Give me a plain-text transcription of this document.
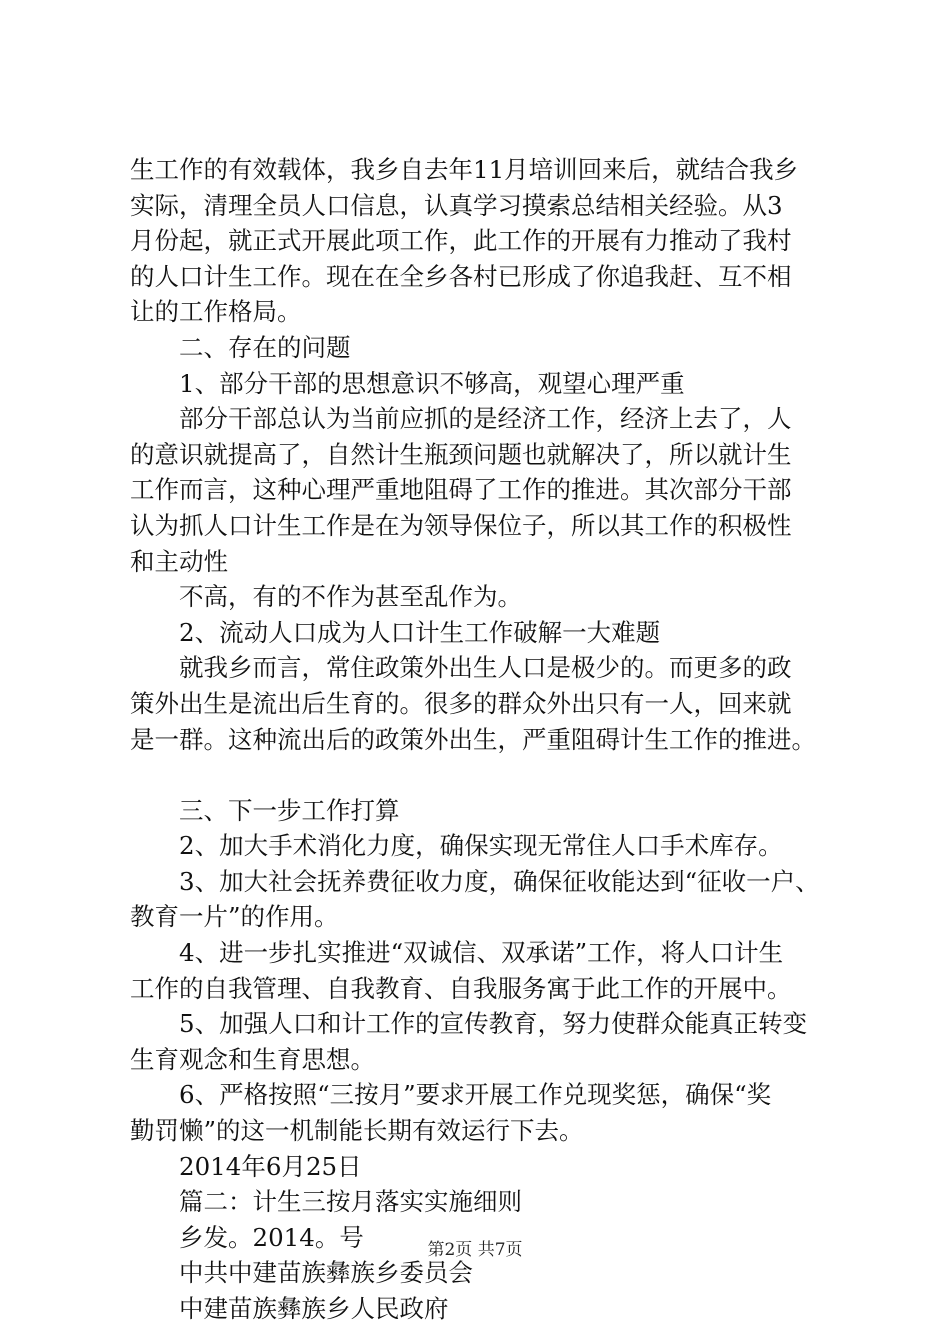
生工作的有效载体，我乡自去年11月培训回来后，就结合我乡
实际，清理全员人口信息，认真学习摸索总结相关经验。从3
月份起，就正式开展此项工作，此工作的开展有力推动了我村
的人口计生工作。现在在全乡各村已形成了你追我赶、互不相
让的工作格局。
二、存在的问题
1、部分干部的思想意识不够高，观望心理严重
部分干部总认为当前应抓的是经济工作，经济上去了，人
的意识就提高了，自然计生瓶颈问题也就解决了，所以就计生
工作而言，这种心理严重地阻碍了工作的推进。其次部分干部
认为抓人口计生工作是在为领导保位子，所以其工作的积极性
和主动性
不高，有的不作为甚至乱作为。
2、流动人口成为人口计生工作破解一大难题
就我乡而言，常住政策外出生人口是极少的。而更多的政
策外出生是流出后生育的。很多的群众外出只有一人，回来就
是一群。这种流出后的政策外出生，严重阻碍计生工作的推进。
三、下一步工作打算
2、加大手术消化力度，确保实现无常住人口手术库存。
3、加大社会抚养费征收力度，确保征收能达到“征收一户、
教育一片”的作用。
4、进一步扎实推进“双诚信、双承诺”工作，将人口计生
工作的自我管理、自我教育、自我服务寓于此工作的开展中。
5、加强人口和计工作的宣传教育，努力使群众能真正转变
生育观念和生育思想。
6、严格按照“三按月”要求开展工作兑现奖惩，确保“奖
勤罚懒”的这一机制能长期有效运行下去。
2014年6月25日
篇二：计生三按月落实实施细则
乡发。2014。号
中共中建苗族彝族乡委员会
中建苗族彝族乡人民政府
第2页 共7页
